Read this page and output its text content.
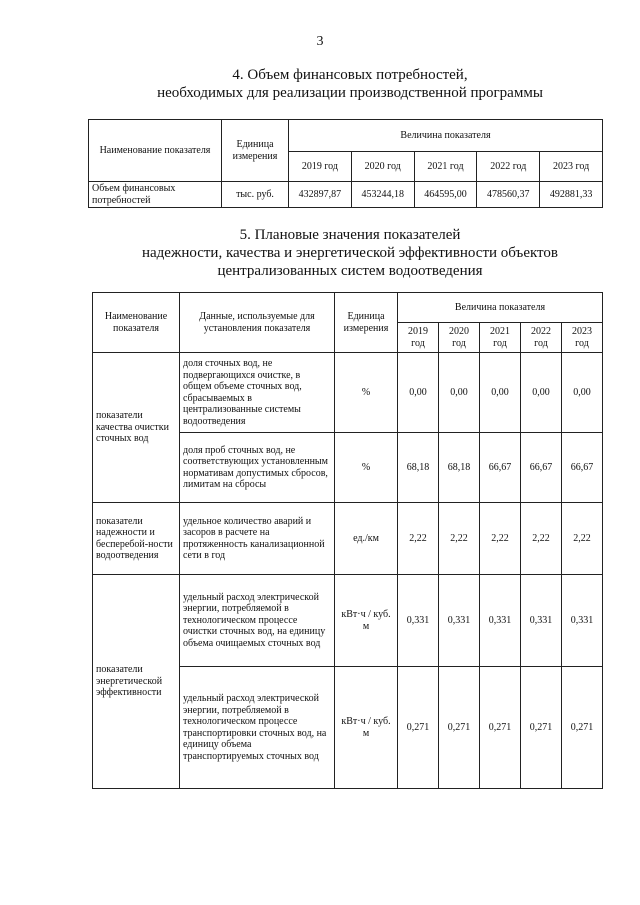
3
4. Объем финансовых потребностей,
необходимых для реализации производственной программы
Наименование показателя	Единица измерения	Величина показателя				
		2019 год	2020 год	2021 год	2022 год	2023 год
Объем финансовых потребностей	тыс. руб.	432897,87	453244,18	464595,00	478560,37	492881,33
5. Плановые значения показателей
надежности, качества и энергетической эффективности объектов
централизованных систем водоотведения
Наименование показателя	Данные, используемые для установления показателя	Единица измерения	Величина показателя				
			2019 год	2020 год	2021 год	2022 год	2023 год
показатели качества очистки сточных вод	доля сточных вод, не подвергающихся очистке, в общем объеме сточных вод, сбрасываемых в централизованные системы водоотведения	%	0,00	0,00	0,00	0,00	0,00
	доля проб сточных вод, не соответствующих установленным нормативам допустимых сбросов, лимитам на сбросы	%	68,18	68,18	66,67	66,67	66,67
показатели надежности и бесперебой-ности водоотведения	удельное количество аварий и засоров в расчете на протяженность канализационной сети в год	ед./км	2,22	2,22	2,22	2,22	2,22
показатели энергетической эффективности	удельный расход электрической энергии, потребляемой в технологическом процессе очистки сточных вод, на единицу объема очищаемых сточных вод	кВт·ч / куб. м	0,331	0,331	0,331	0,331	0,331
	удельный расход электрической энергии, потребляемой в технологическом процессе транспортировки сточных вод, на единицу объема транспортируемых сточных вод	кВт·ч / куб. м	0,271	0,271	0,271	0,271	0,271
